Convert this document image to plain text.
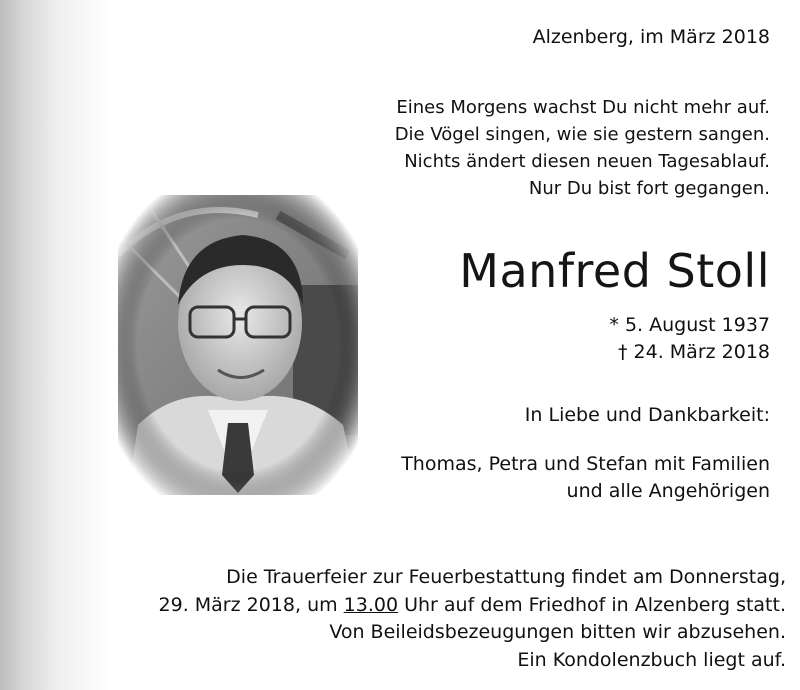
Alzenberg, im März 2018
Eines Morgens wachst Du nicht mehr auf.
Die Vögel singen, wie sie gestern sangen.
Nichts ändert diesen neuen Tagesablauf.
Nur Du bist fort gegangen.
Manfred Stoll
* 5. August 1937
† 24. März 2018
In Liebe und Dankbarkeit:
Thomas, Petra und Stefan mit Familien
und alle Angehörigen
Die Trauerfeier zur Feuerbestattung findet am Donnerstag,
29. März 2018, um 13.00 Uhr auf dem Friedhof in Alzenberg statt.
Von Beileidsbezeugungen bitten wir abzusehen.
Ein Kondolenzbuch liegt auf.
